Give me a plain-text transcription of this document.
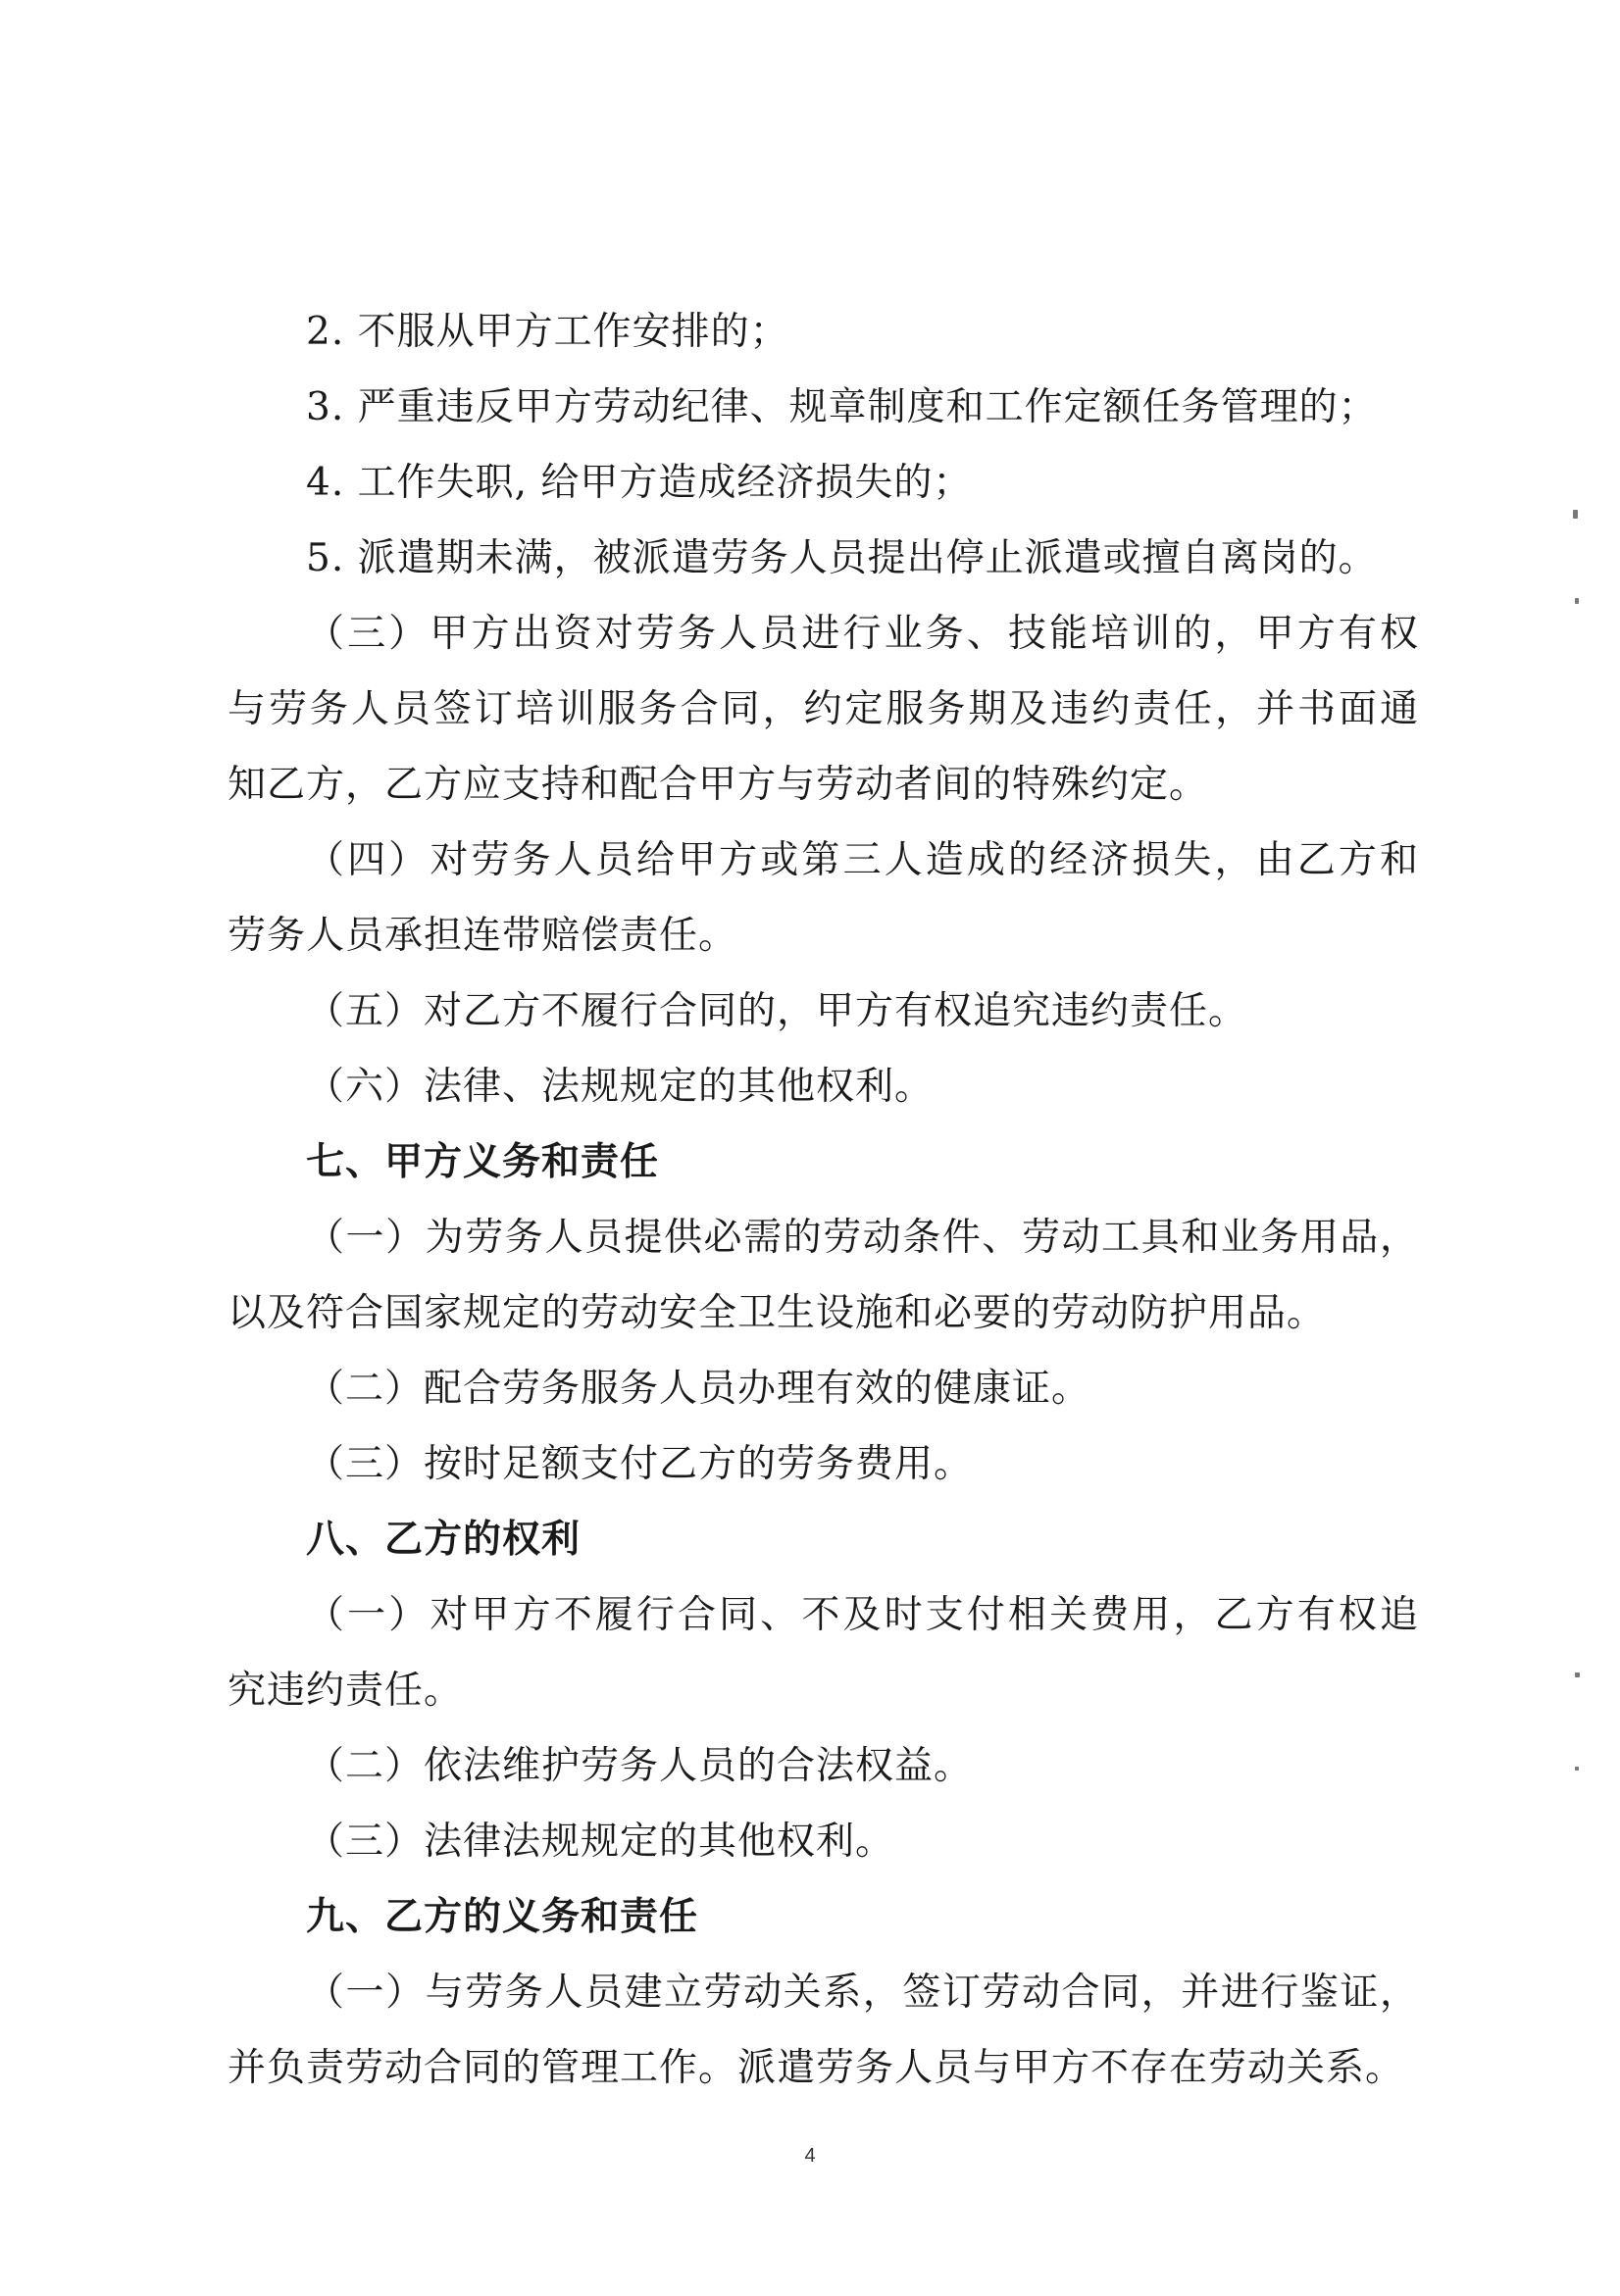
2. 不服从甲方工作安排的；
3. 严重违反甲方劳动纪律、规章制度和工作定额任务管理的；
4. 工作失职, 给甲方造成经济损失的；
5. 派遣期未满，被派遣劳务人员提出停止派遣或擅自离岗的。
（三）甲方出资对劳务人员进行业务、技能培训的，甲方有权
与劳务人员签订培训服务合同，约定服务期及违约责任，并书面通
知乙方，乙方应支持和配合甲方与劳动者间的特殊约定。
（四）对劳务人员给甲方或第三人造成的经济损失，由乙方和
劳务人员承担连带赔偿责任。
（五）对乙方不履行合同的，甲方有权追究违约责任。
（六）法律、法规规定的其他权利。
七、甲方义务和责任
（一）为劳务人员提供必需的劳动条件、劳动工具和业务用品，
以及符合国家规定的劳动安全卫生设施和必要的劳动防护用品。
（二）配合劳务服务人员办理有效的健康证。
（三）按时足额支付乙方的劳务费用。
八、乙方的权利
（一）对甲方不履行合同、不及时支付相关费用，乙方有权追
究违约责任。
（二）依法维护劳务人员的合法权益。
（三）法律法规规定的其他权利。
九、乙方的义务和责任
（一）与劳务人员建立劳动关系，签订劳动合同，并进行鉴证，
并负责劳动合同的管理工作。派遣劳务人员与甲方不存在劳动关系。
4
